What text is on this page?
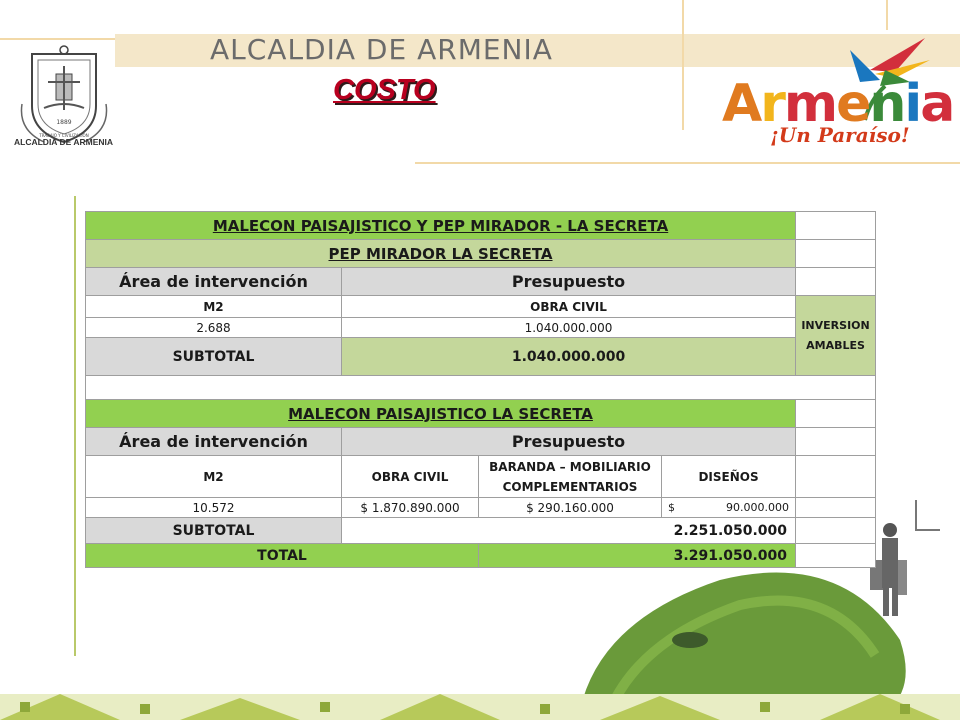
ALCALDIA DE ARMENIA
COSTO
1889
TRABAJO Y CIVILIZACION
ALCALDIA DE ARMENIA
Armenia
¡Un Paraíso!
MALECON PAISAJISTICO Y PEP MIRADOR - LA SECRETA				
PEP MIRADOR LA SECRETA				
Área de intervención	Presupuesto			
M2	OBRA CIVIL			INVERSION AMABLES
2.688	1.040.000.000			
SUBTOTAL	1.040.000.000			

MALECON PAISAJISTICO LA SECRETA				
Área de intervención	Presupuesto			
M2	OBRA CIVIL	BARANDA – MOBILIARIO COMPLEMENTARIOS	DISEÑOS	
10.572	$ 1.870.890.000	$ 290.160.000	$ 90.000.000	

SUBTOTAL	2.251.050.000			
TOTAL		3.291.050.000		
